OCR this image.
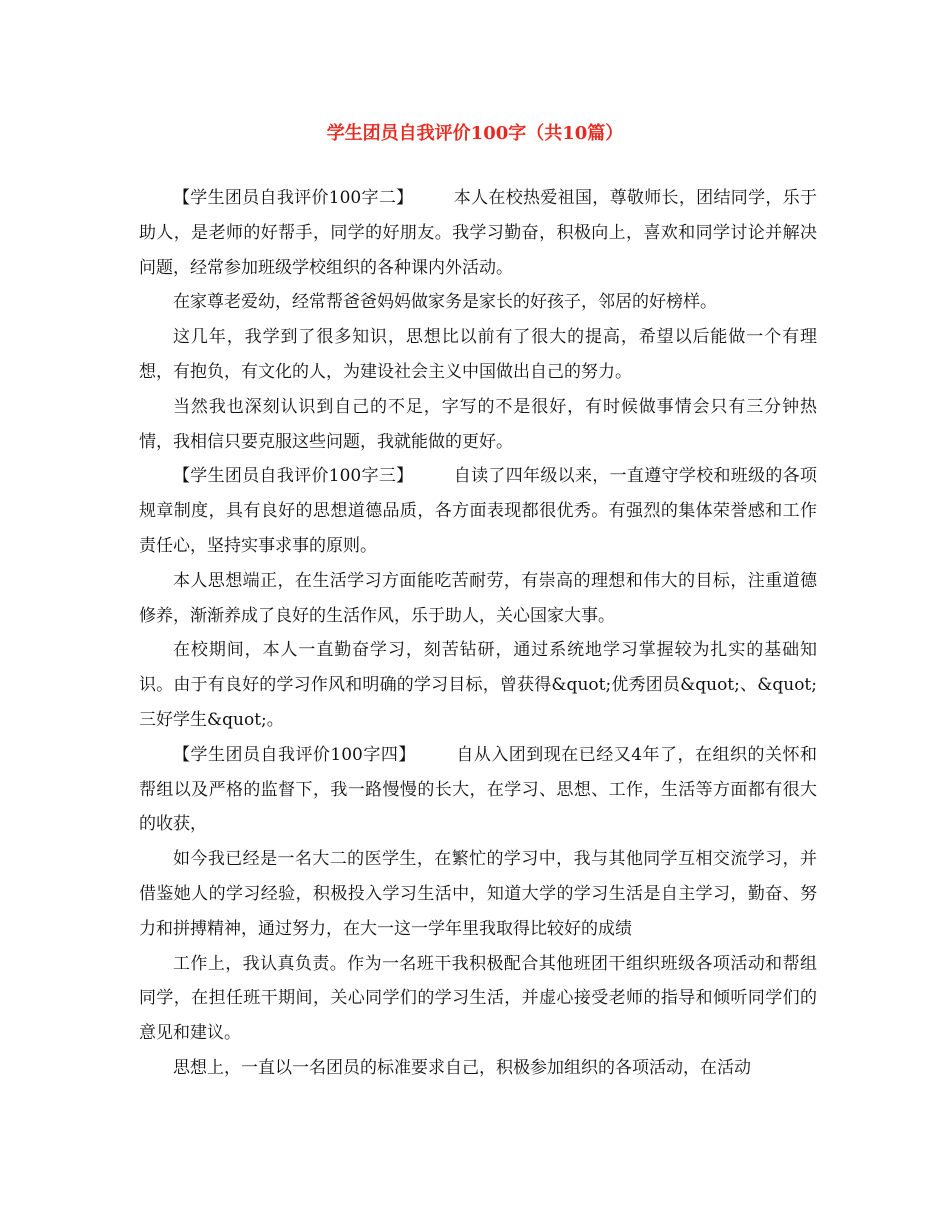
学生团员自我评价100字（共10篇）

【学生团员自我评价100字二】 本人在校热爱祖国，尊敬师长，团结同学，乐于助人，是老师的好帮手，同学的好朋友。我学习勤奋，积极向上，喜欢和同学讨论并解决问题，经常参加班级学校组织的各种课内外活动。

在家尊老爱幼，经常帮爸爸妈妈做家务是家长的好孩子，邻居的好榜样。

这几年，我学到了很多知识，思想比以前有了很大的提高，希望以后能做一个有理想，有抱负，有文化的人，为建设社会主义中国做出自己的努力。

当然我也深刻认识到自己的不足，字写的不是很好，有时候做事情会只有三分钟热情，我相信只要克服这些问题，我就能做的更好。

【学生团员自我评价100字三】 自读了四年级以来，一直遵守学校和班级的各项规章制度，具有良好的思想道德品质，各方面表现都很优秀。有强烈的集体荣誉感和工作责任心，坚持实事求事的原则。

本人思想端正，在生活学习方面能吃苦耐劳，有崇高的理想和伟大的目标，注重道德修养，渐渐养成了良好的生活作风，乐于助人，关心国家大事。

在校期间，本人一直勤奋学习，刻苦钻研，通过系统地学习掌握较为扎实的基础知识。由于有良好的学习作风和明确的学习目标，曾获得&quot;优秀团员&quot;、&quot;三好学生&quot;。

【学生团员自我评价100字四】 自从入团到现在已经又4年了，在组织的关怀和帮组以及严格的监督下，我一路慢慢的长大，在学习、思想、工作，生活等方面都有很大的收获，

如今我已经是一名大二的医学生，在繁忙的学习中，我与其他同学互相交流学习，并借鉴她人的学习经验，积极投入学习生活中，知道大学的学习生活是自主学习，勤奋、努力和拼搏精神，通过努力，在大一这一学年里我取得比较好的成绩

工作上，我认真负责。作为一名班干我积极配合其他班团干组织班级各项活动和帮组同学，在担任班干期间，关心同学们的学习生活，并虚心接受老师的指导和倾听同学们的意见和建议。

思想上，一直以一名团员的标准要求自己，积极参加组织的各项活动，在活动
